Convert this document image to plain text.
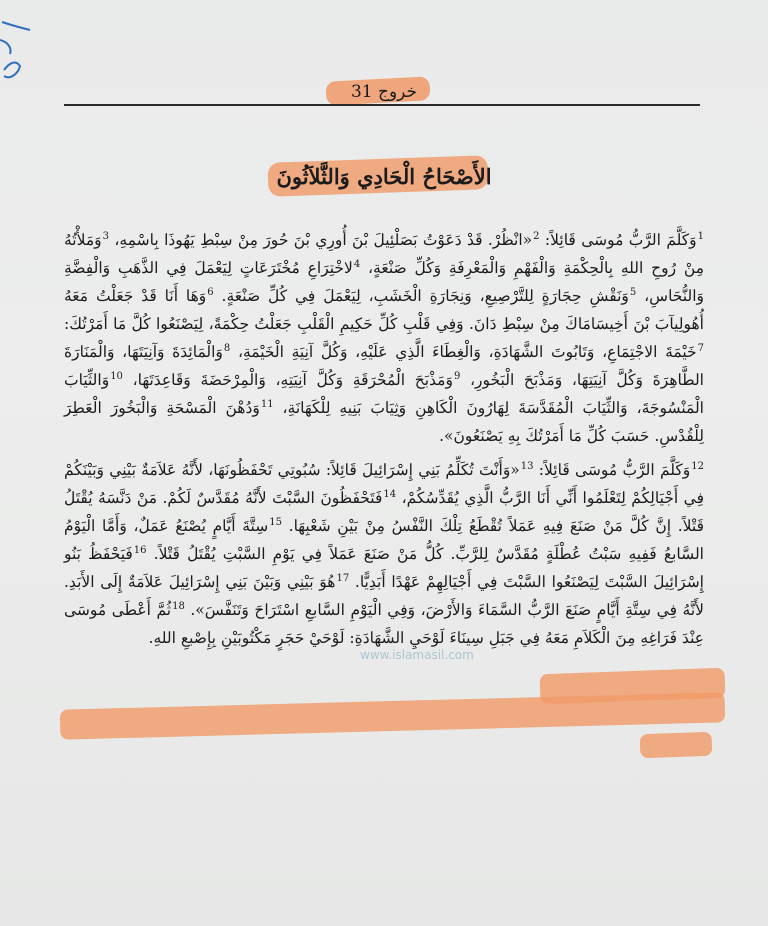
خروج 31
الأَصْحَاحُ الْحَادِي وَالثَّلاَثُونَ

$^1$وَكَلَّمَ الرَّبُّ مُوسَى قَائِلاً: $^2$«انْظُرْ. قَدْ دَعَوْتُ بَصَلْئِيلَ بْنَ أُورِي بْنَ حُورَ مِنْ سِبْطِ يَهُوذَا بِاسْمِهِ، $^3$وَمَلأْتُهُ مِنْ رُوحِ اللهِ بِالْحِكْمَةِ وَالْفَهْمِ وَالْمَعْرِفَةِ وَكُلِّ صَنْعَةٍ، $^4$لاخْتِرَاعِ مُخْتَرَعَاتٍ لِيَعْمَلَ فِي الذَّهَبِ وَالْفِضَّةِ وَالنُّحَاسِ، $^5$وَنَقْشِ حِجَارَةٍ لِلتَّرْصِيعِ، وَنِجَارَةِ الْخَشَبِ، لِيَعْمَلَ فِي كُلِّ صَنْعَةٍ. $^6$وَهَا أَنَا قَدْ جَعَلْتُ مَعَهُ أُهُولِيآبَ بْنَ أَخِيسَامَاكَ مِنْ سِبْطِ دَانَ. وَفِي قَلْبِ كُلِّ حَكِيمِ الْقَلْبِ جَعَلْتُ حِكْمَةً، لِيَصْنَعُوا كُلَّ مَا أَمَرْتُكَ: $^7$خَيْمَةَ الاجْتِمَاعِ، وَتَابُوتَ الشَّهَادَةِ، وَالْغِطَاءَ الَّذِي عَلَيْهِ، وَكُلَّ آنِيَةِ الْخَيْمَةِ، $^8$وَالْمَائِدَةَ وَآنِيَتَهَا، وَالْمَنَارَةَ الطَّاهِرَةَ وَكُلَّ آنِيَتِهَا، وَمَذْبَحَ الْبَخُورِ، $^9$وَمَذْبَحَ الْمُحْرَقَةِ وَكُلَّ آنِيَتِهِ، وَالْمِرْحَضَةَ وَقَاعِدَتَهَا، $^{10}$وَالثِّيَابَ الْمَنْسُوجَةَ، وَالثِّيَابَ الْمُقَدَّسَةَ لِهَارُونَ الْكَاهِنِ وَثِيَابَ بَنِيهِ لِلْكَهَانَةِ، $^{11}$وَدُهْنَ الْمَسْحَةِ وَالْبَخُورَ الْعَطِرَ لِلْقُدْسِ. حَسَبَ كُلِّ مَا أَمَرْتُكَ بِهِ يَصْنَعُونَ».

$^{12}$وَكَلَّمَ الرَّبُّ مُوسَى قَائِلاً: $^{13}$«وَأَنْتَ تُكَلِّمُ بَنِي إِسْرَائِيلَ قَائِلاً: سُبُوتِي تَحْفَظُونَهَا، لأَنَّهُ عَلاَمَةٌ بَيْنِي وَبَيْنَكُمْ فِي أَجْيَالِكُمْ لِتَعْلَمُوا أَنِّي أَنَا الرَّبُّ الَّذِي يُقَدِّسُكُمْ، $^{14}$فَتَحْفَظُونَ السَّبْتَ لأَنَّهُ مُقَدَّسٌ لَكُمْ. مَنْ دَنَّسَهُ يُقْتَلُ قَتْلاً. إِنَّ كُلَّ مَنْ صَنَعَ فِيهِ عَمَلاً تُقْطَعُ تِلْكَ النَّفْسُ مِنْ بَيْنِ شَعْبِهَا. $^{15}$سِتَّةَ أَيَّامٍ يُصْنَعُ عَمَلٌ، وَأَمَّا الْيَوْمُ السَّابعُ فَفِيهِ سَبْتُ عُطْلَةٍ مُقَدَّسٌ لِلرَّبِّ. كُلُّ مَنْ صَنَعَ عَمَلاً فِي يَوْمِ السَّبْتِ يُقْتَلُ قَتْلاً. $^{16}$فَيَحْفَظُ بَنُو إِسْرَائِيلَ السَّبْتَ لِيَصْنَعُوا السَّبْتَ فِي أَجْيَالِهِمْ عَهْدًا أَبَدِيًّا. $^{17}$هُوَ بَيْنِي وَبَيْنَ بَنِي إِسْرَائِيلَ عَلاَمَةٌ إِلَى الأَبَدِ. لأَنَّهُ فِي سِتَّةِ أَيَّامٍ صَنَعَ الرَّبُّ السَّمَاءَ وَالأَرْضَ، وَفِي الْيَوْمِ السَّابعِ اسْتَرَاحَ وَتَنَفَّسَ». $^{18}$ثُمَّ أَعْطَى مُوسَى عِنْدَ فَرَاغِهِ مِنَ الْكَلاَمِ مَعَهُ فِي جَبَلِ سِينَاءَ لَوْحَيِ الشَّهَادَةِ: لَوْحَيْ حَجَرٍ مَكْتُوبَيْنِ بِإِصْبعِ اللهِ.

www.islamasil.com
